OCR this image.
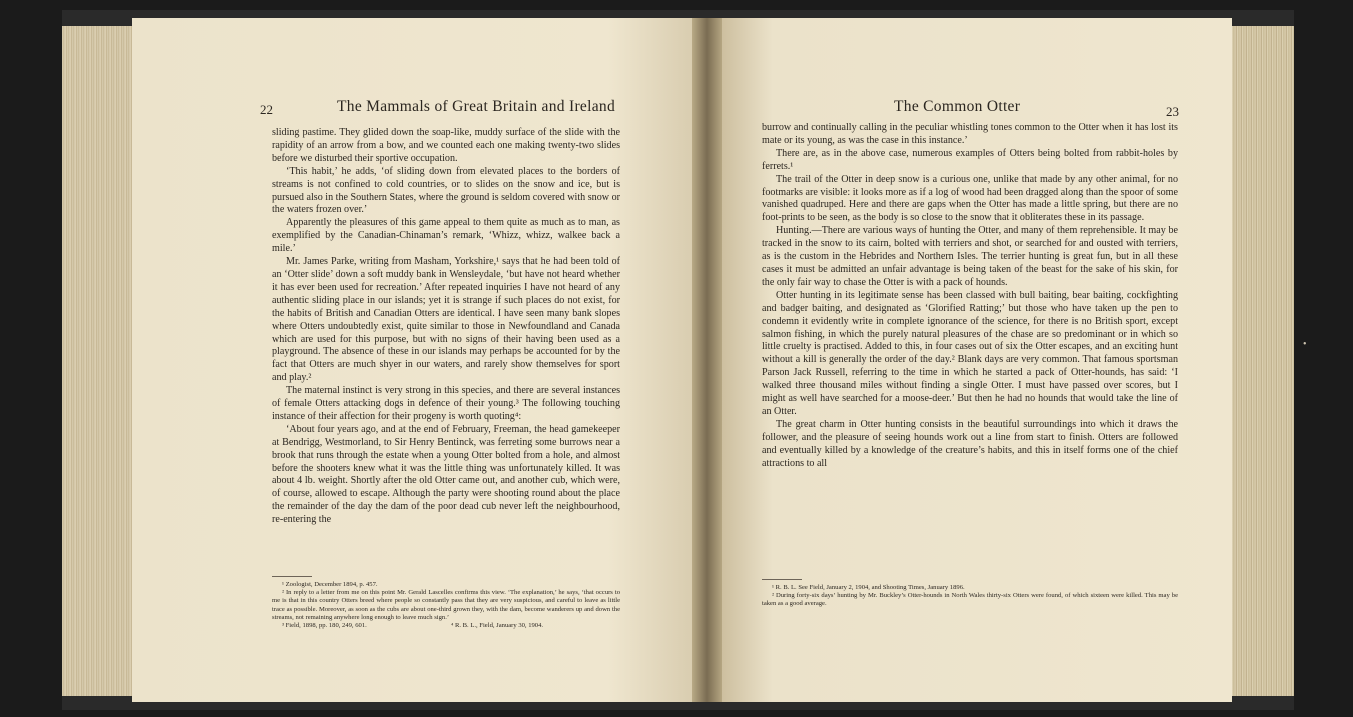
22	The Mammals of Great Britain and Ireland

sliding pastime. They glided down the soap-like, muddy surface of the slide with the rapidity of an arrow from a bow, and we counted each one making twenty-two slides before we disturbed their sportive occupation.

‘This habit,’ he adds, ‘of sliding down from elevated places to the borders of streams is not confined to cold countries, or to slides on the snow and ice, but is pursued also in the Southern States, where the ground is seldom covered with snow or the waters frozen over.’

Apparently the pleasures of this game appeal to them quite as much as to man, as exemplified by the Canadian-Chinaman’s remark, ‘Whizz, whizz, walkee back a mile.’

Mr. James Parke, writing from Masham, Yorkshire,¹ says that he had been told of an ‘Otter slide’ down a soft muddy bank in Wensleydale, ‘but have not heard whether it has ever been used for recreation.’ After repeated inquiries I have not heard of any authentic sliding place in our islands; yet it is strange if such places do not exist, for the habits of British and Canadian Otters are identical. I have seen many bank slopes where Otters undoubtedly exist, quite similar to those in Newfoundland and Canada which are used for this purpose, but with no signs of their having been used as a playground. The absence of these in our islands may perhaps be accounted for by the fact that Otters are much shyer in our waters, and rarely show themselves for sport and play.²

The maternal instinct is very strong in this species, and there are several instances of female Otters attacking dogs in defence of their young.³ The following touching instance of their affection for their progeny is worth quoting⁴:

‘About four years ago, and at the end of February, Freeman, the head gamekeeper at Bendrigg, Westmorland, to Sir Henry Bentinck, was ferreting some burrows near a brook that runs through the estate when a young Otter bolted from a hole, and almost before the shooters knew what it was the little thing was unfortunately killed. It was about 4 lb. weight. Shortly after the old Otter came out, and another cub, which were, of course, allowed to escape. Although the party were shooting round about the place the remainder of the day the dam of the poor dead cub never left the neighbourhood, re-entering the

¹ Zoologist, December 1894, p. 457.

² In reply to a letter from me on this point Mr. Gerald Lascelles confirms this view. ‘The explanation,’ he says, ‘that occurs to me is that in this country Otters breed where people so constantly pass that they are very suspicious, and careful to leave as little trace as possible. Moreover, as soon as the cubs are about one-third grown they, with the dam, become wanderers up and down the streams, not remaining anywhere long enough to leave much sign.’

³ Field, 1898, pp. 180, 249, 601.	⁴ R. B. L., Field, January 30, 1904.
The Common Otter	23

burrow and continually calling in the peculiar whistling tones common to the Otter when it has lost its mate or its young, as was the case in this instance.’

There are, as in the above case, numerous examples of Otters being bolted from rabbit-holes by ferrets.¹

The trail of the Otter in deep snow is a curious one, unlike that made by any other animal, for no footmarks are visible: it looks more as if a log of wood had been dragged along than the spoor of some vanished quadruped. Here and there are gaps when the Otter has made a little spring, but there are no foot-prints to be seen, as the body is so close to the snow that it obliterates these in its passage.

Hunting.—There are various ways of hunting the Otter, and many of them reprehensible. It may be tracked in the snow to its cairn, bolted with terriers and shot, or searched for and ousted with terriers, as is the custom in the Hebrides and Northern Isles. The terrier hunting is great fun, but in all these cases it must be admitted an unfair advantage is being taken of the beast for the sake of his skin, for the only fair way to chase the Otter is with a pack of hounds.

Otter hunting in its legitimate sense has been classed with bull baiting, bear baiting, cockfighting and badger baiting, and designated as ‘Glorified Ratting;’ but those who have taken up the pen to condemn it evidently write in complete ignorance of the science, for there is no British sport, except salmon fishing, in which the purely natural pleasures of the chase are so predominant or in which so little cruelty is practised. Added to this, in four cases out of six the Otter escapes, and an exciting hunt without a kill is generally the order of the day.² Blank days are very common. That famous sportsman Parson Jack Russell, referring to the time in which he started a pack of Otter-hounds, has said: ‘I walked three thousand miles without finding a single Otter. I must have passed over scores, but I might as well have searched for a moose-deer.’ But then he had no hounds that would take the line of an Otter.

The great charm in Otter hunting consists in the beautiful surroundings into which it draws the follower, and the pleasure of seeing hounds work out a line from start to finish. Otters are followed and eventually killed by a knowledge of the creature’s habits, and this in itself forms one of the chief attractions to all

¹ R. B. L. See Field, January 2, 1904, and Shooting Times, January 1896.

² During forty-six days’ hunting by Mr. Buckley’s Otter-hounds in North Wales thirty-six Otters were found, of which sixteen were killed. This may be taken as a good average.

•
